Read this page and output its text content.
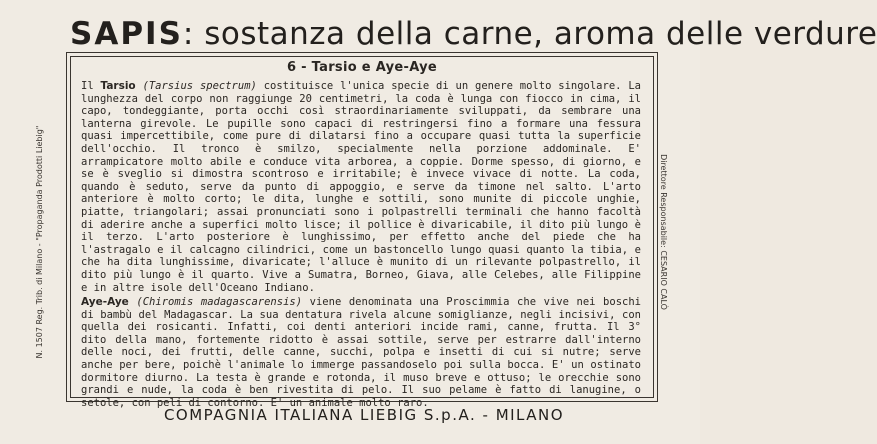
SAPIS: sostanza della carne, aroma delle verdure
6 - Tarsio e Aye-Aye

Il Tarsio (Tarsius spectrum) costituisce l'unica specie di un genere molto singolare. La lunghezza del corpo non raggiunge 20 centimetri, la coda è lunga con fiocco in cima, il capo, tondeggiante, porta occhi così straordinariamente sviluppati, da sembrare una lanterna girevole. Le pupille sono capaci di restringersi fino a formare una fessura quasi impercettibile, come pure di dilatarsi fino a occupare quasi tutta la superficie dell'occhio. Il tronco è smilzo, specialmente nella porzione addominale. E' arrampicatore molto abile e conduce vita arborea, a coppie. Dorme spesso, di giorno, e se è sveglio si dimostra scontroso e irritabile; è invece vivace di notte. La coda, quando è seduto, serve da punto di appoggio, e serve da timone nel salto. L'arto anteriore è molto corto; le dita, lunghe e sottili, sono munite di piccole unghie, piatte, triangolari; assai pronunciati sono i polpastrelli terminali che hanno facoltà di aderire anche a superfici molto lisce; il pollice è divaricabile, il dito più lungo è il terzo. L'arto posteriore è lunghissimo, per effetto anche del piede che ha l'astragalo e il calcagno cilindrici, come un bastoncello lungo quasi quanto la tibia, e che ha dita lunghissime, divaricate; l'alluce è munito di un rilevante polpastrello, il dito più lungo è il quarto. Vive a Sumatra, Borneo, Giava, alle Celebes, alle Filippine e in altre isole dell'Oceano Indiano.

Aye-Aye (Chiromis madagascarensis) viene denominata una Proscimmia che vive nei boschi di bambù del Madagascar. La sua dentatura rivela alcune somiglianze, negli incisivi, con quella dei rosicanti. Infatti, coi denti anteriori incide rami, canne, frutta. Il 3° dito della mano, fortemente ridotto è assai sottile, serve per estrarre dall'interno delle noci, dei frutti, delle canne, succhi, polpa e insetti di cui si nutre; serve anche per bere, poichè l'animale lo immerge passandoselo poi sulla bocca. E' un ostinato dormitore diurno. La testa è grande e rotonda, il muso breve e ottuso; le orecchie sono grandi e nude, la coda è ben rivestita di pelo. Il suo pelame è fatto di lanugine, o setole, con peli di contorno. E' un animale molto raro.

N. 1507 Reg. Trib. di Milano - "Propaganda Prodotti Liebig"	Direttore Responsabile: CESARIO CALÒ
COMPAGNIA ITALIANA LIEBIG S.p.A. - MILANO
